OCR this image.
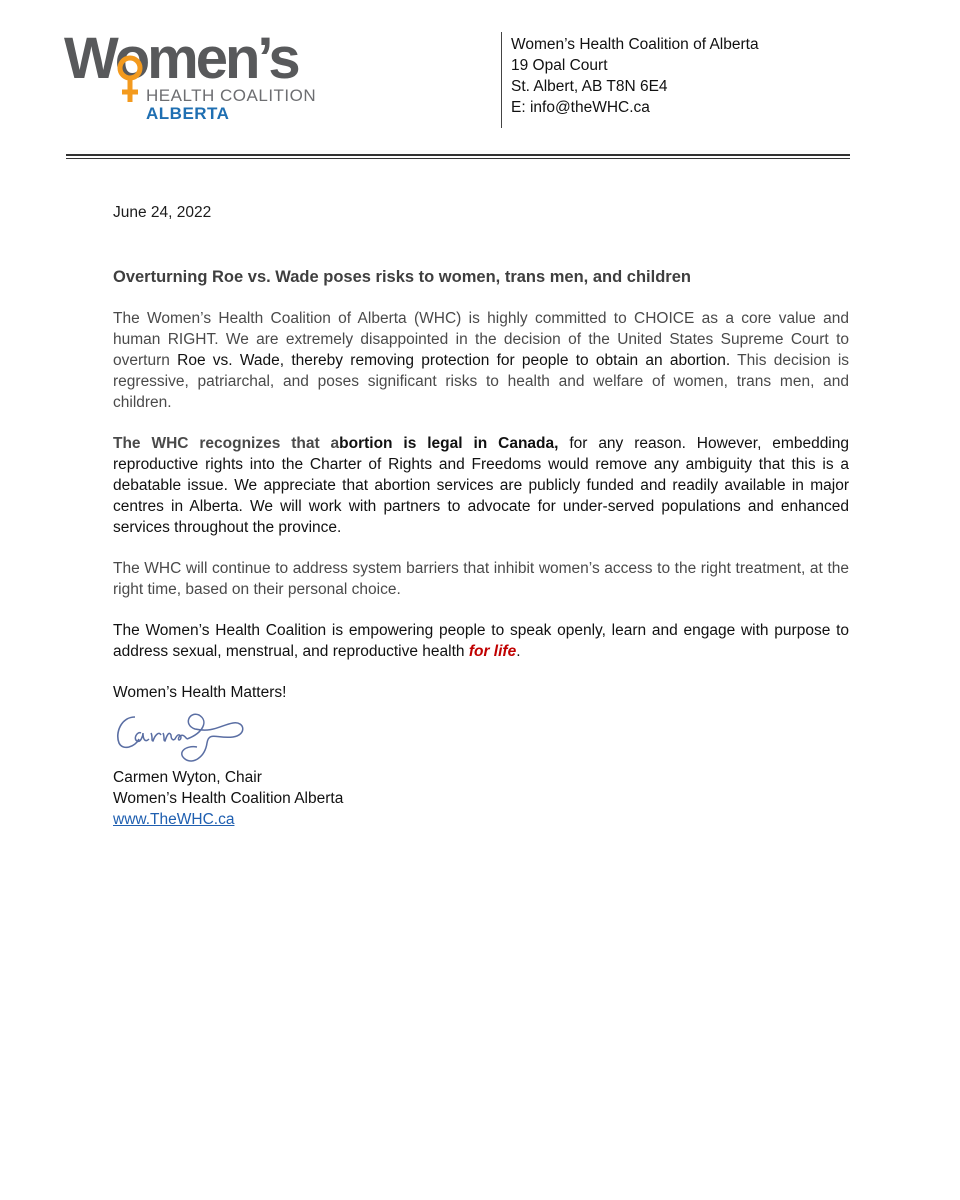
Women’s
HEALTH COALITION
ALBERTA
Women’s Health Coalition of Alberta
19 Opal Court
St. Albert, AB T8N 6E4
E: info@theWHC.ca

June 24, 2022

Overturning Roe vs. Wade poses risks to women, trans men, and children

The Women’s Health Coalition of Alberta (WHC) is highly committed to CHOICE as a core value and human RIGHT. We are extremely disappointed in the decision of the United States Supreme Court to overturn Roe vs. Wade, thereby removing protection for people to obtain an abortion. This decision is regressive, patriarchal, and poses significant risks to health and welfare of women, trans men, and children.

The WHC recognizes that abortion is legal in Canada, for any reason. However, embedding reproductive rights into the Charter of Rights and Freedoms would remove any ambiguity that this is a debatable issue. We appreciate that abortion services are publicly funded and readily available in major centres in Alberta. We will work with partners to advocate for under-served populations and enhanced services throughout the province.

The WHC will continue to address system barriers that inhibit women’s access to the right treatment, at the right time, based on their personal choice.

The Women’s Health Coalition is empowering people to speak openly, learn and engage with purpose to address sexual, menstrual, and reproductive health for life.

Women’s Health Matters!
Carmen Wyton, Chair
Women’s Health Coalition Alberta
www.TheWHC.ca
